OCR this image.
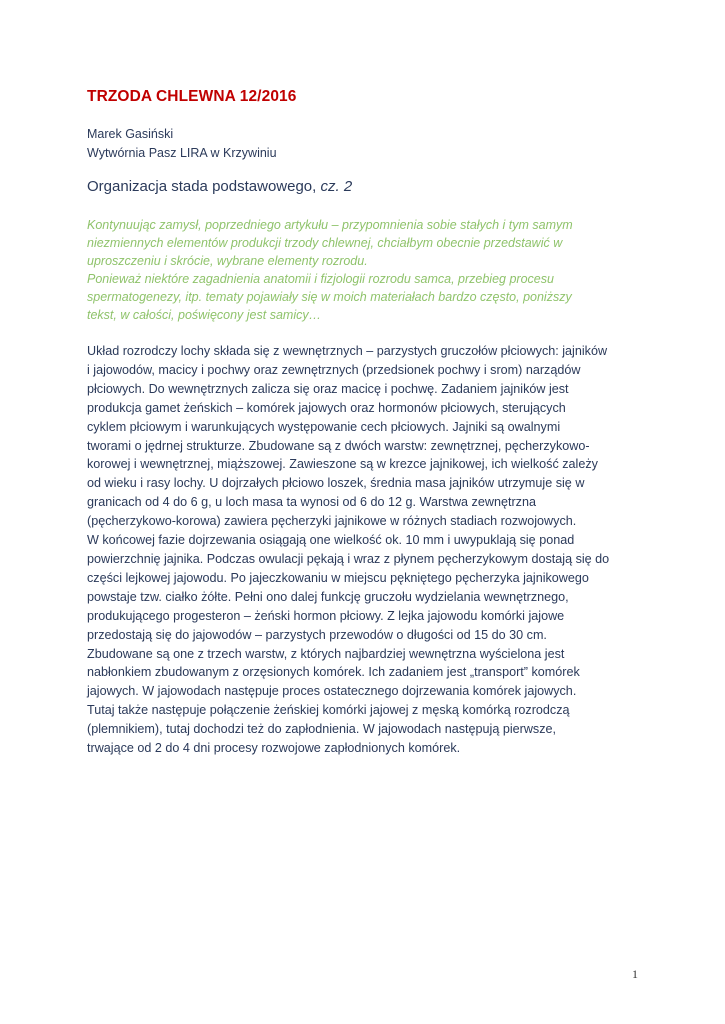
TRZODA CHLEWNA 12/2016
Marek Gasiński
Wytwórnia Pasz LIRA w Krzywiniu
Organizacja stada podstawowego, cz. 2
Kontynuując zamysł, poprzedniego artykułu – przypomnienia sobie stałych i tym samym
niezmiennych elementów produkcji trzody chlewnej, chciałbym obecnie przedstawić w
uproszczeniu i skrócie, wybrane elementy rozrodu.
Ponieważ niektóre zagadnienia anatomii i fizjologii rozrodu samca, przebieg procesu
spermatogenezy, itp. tematy pojawiały się w moich materiałach bardzo często, poniższy
tekst, w całości, poświęcony jest samicy…
Układ rozrodczy lochy składa się z wewnętrznych – parzystych gruczołów płciowych: jajników
i jajowodów, macicy i pochwy oraz zewnętrznych (przedsionek pochwy i srom) narządów
płciowych. Do wewnętrznych zalicza się oraz macicę i pochwę. Zadaniem jajników jest
produkcja gamet żeńskich – komórek jajowych oraz hormonów płciowych, sterujących
cyklem płciowym i warunkujących występowanie cech płciowych. Jajniki są owalnymi
tworami o jędrnej strukturze. Zbudowane są z dwóch warstw: zewnętrznej, pęcherzykowo-
korowej i wewnętrznej, miąższowej. Zawieszone są w krezce jajnikowej, ich wielkość zależy
od wieku i rasy lochy. U dojrzałych płciowo loszek, średnia masa jajników utrzymuje się w
granicach od 4 do 6 g, u loch masa ta wynosi od 6 do 12 g. Warstwa zewnętrzna
(pęcherzykowo-korowa) zawiera pęcherzyki jajnikowe w różnych stadiach rozwojowych.
W końcowej fazie dojrzewania osiągają one wielkość ok. 10 mm i uwypuklają się ponad
powierzchnię jajnika. Podczas owulacji pękają i wraz z płynem pęcherzykowym dostają się do
części lejkowej jajowodu. Po jajeczkowaniu w miejscu pękniętego pęcherzyka jajnikowego
powstaje tzw. ciałko żółte. Pełni ono dalej funkcję gruczołu wydzielania wewnętrznego,
produkującego progesteron – żeński hormon płciowy. Z lejka jajowodu komórki jajowe
przedostają się do jajowodów – parzystych przewodów o długości od 15 do 30 cm.
Zbudowane są one z trzech warstw, z których najbardziej wewnętrzna wyścielona jest
nabłonkiem zbudowanym z orzęsionych komórek. Ich zadaniem jest „transport” komórek
jajowych. W jajowodach następuje proces ostatecznego dojrzewania komórek jajowych.
Tutaj także następuje połączenie żeńskiej komórki jajowej z męską komórką rozrodczą
(plemnikiem), tutaj dochodzi też do zapłodnienia. W jajowodach następują pierwsze,
trwające od 2 do 4 dni procesy rozwojowe zapłodnionych komórek.
1
